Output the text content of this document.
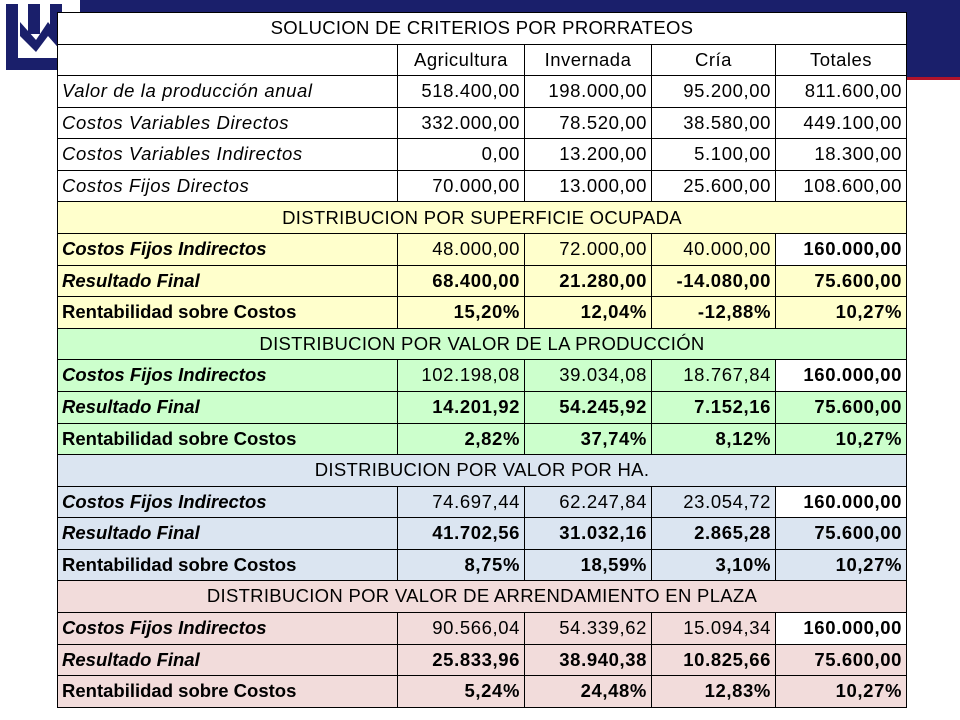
SOLUCION DE CRITERIOS POR PRORRATEOS				
	Agricultura	Invernada	Cría	Totales
Valor de la producción anual	518.400,00	198.000,00	95.200,00	811.600,00
Costos Variables Directos	332.000,00	78.520,00	38.580,00	449.100,00
Costos Variables Indirectos	0,00	13.200,00	5.100,00	18.300,00
Costos Fijos Directos	70.000,00	13.000,00	25.600,00	108.600,00
DISTRIBUCION POR SUPERFICIE OCUPADA				
Costos Fijos Indirectos	48.000,00	72.000,00	40.000,00	160.000,00
Resultado Final	68.400,00	21.280,00	-14.080,00	75.600,00
Rentabilidad sobre Costos	15,20%	12,04%	-12,88%	10,27%
DISTRIBUCION POR VALOR DE LA PRODUCCIÓN				
Costos Fijos Indirectos	102.198,08	39.034,08	18.767,84	160.000,00
Resultado Final	14.201,92	54.245,92	7.152,16	75.600,00
Rentabilidad sobre Costos	2,82%	37,74%	8,12%	10,27%
DISTRIBUCION POR VALOR POR HA.				
Costos Fijos Indirectos	74.697,44	62.247,84	23.054,72	160.000,00
Resultado Final	41.702,56	31.032,16	2.865,28	75.600,00
Rentabilidad sobre Costos	8,75%	18,59%	3,10%	10,27%
DISTRIBUCION POR VALOR DE ARRENDAMIENTO EN PLAZA				
Costos Fijos Indirectos	90.566,04	54.339,62	15.094,34	160.000,00
Resultado Final	25.833,96	38.940,38	10.825,66	75.600,00
Rentabilidad sobre Costos	5,24%	24,48%	12,83%	10,27%
